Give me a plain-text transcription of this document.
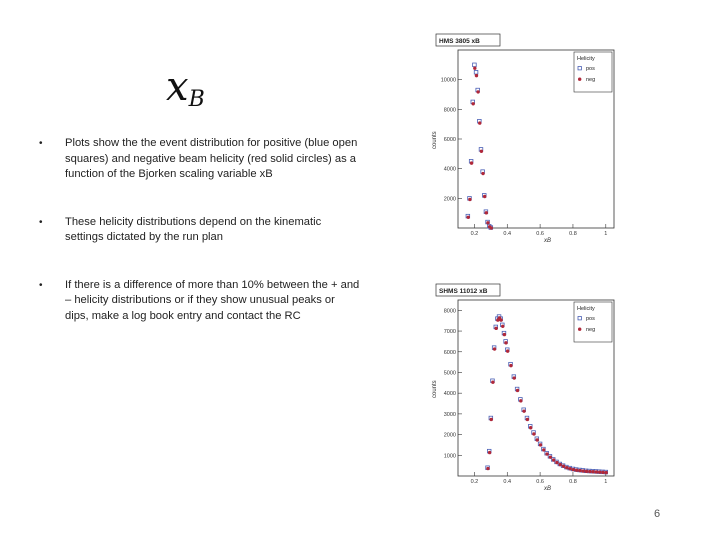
$x_B$
• Plots show the the event distribution for positive (blue open squares) and negative beam helicity (red solid circles) as a function of the Bjorken scaling variable xB
• These helicity distributions depend on the kinematic settings dictated by the run plan
• If there is a difference of more than 10% between the + and – helicity distributions or if they show unusual peaks or dips, make a log book entry and contact the RC
HMS 3805 xB
0.2	0.4	0.6	0.8	1
2000
4000
6000
8000
10000
xB
counts
Helicity
pos
neg
SHMS 11012 xB
0.2	0.4	0.6	0.8	1
1000
2000
3000
4000
5000
6000
7000
8000
xB
counts
Helicity
pos
neg
6
